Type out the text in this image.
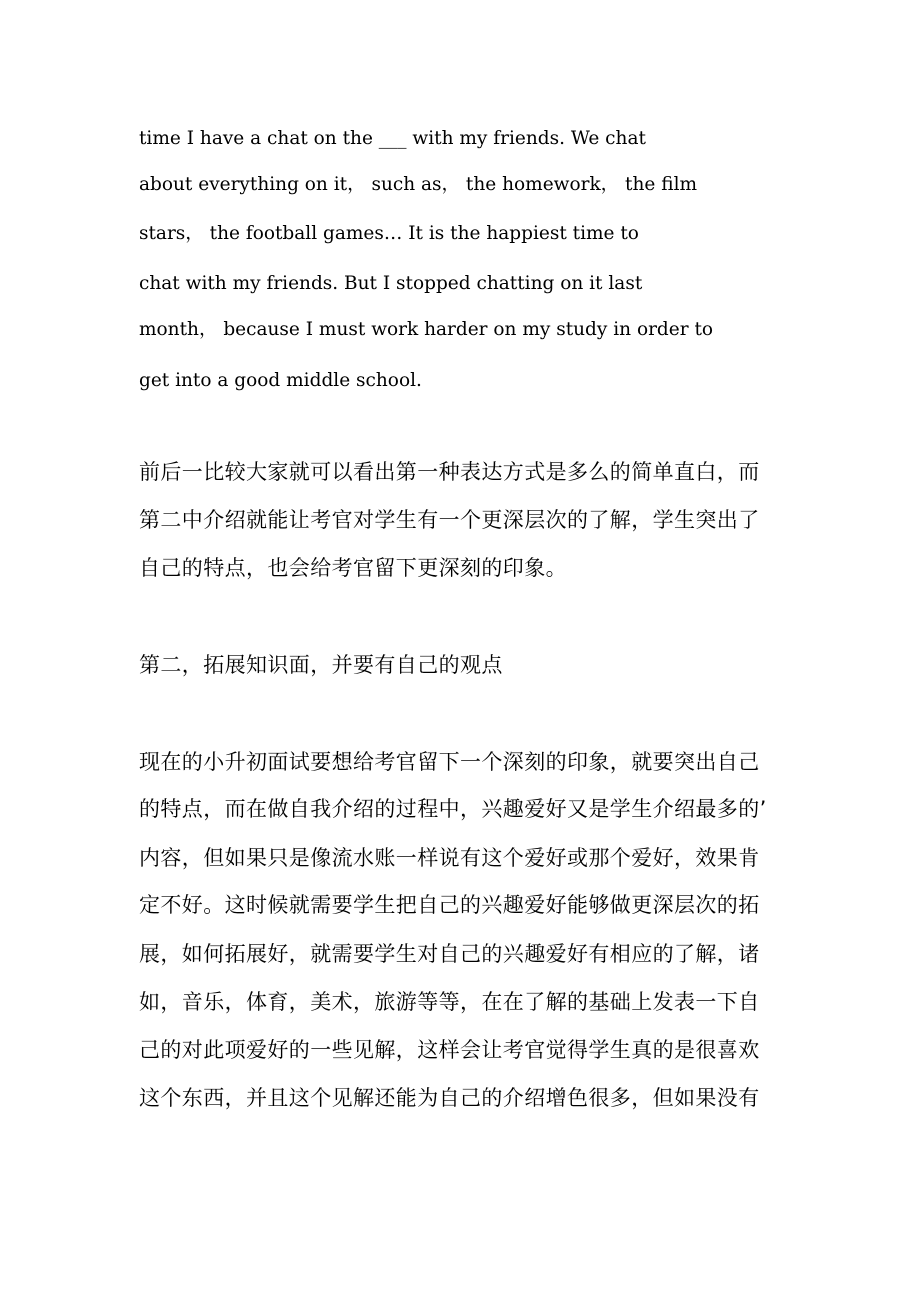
time I have a chat on the ___ with my friends. We chat
about everything on it， such as， the homework， the film
stars， the football games… It is the happiest time to
chat with my friends. But I stopped chatting on it last
month， because I must work harder on my study in order to
get into a good middle school.
前后一比较大家就可以看出第一种表达方式是多么的简单直白，而
第二中介绍就能让考官对学生有一个更深层次的了解，学生突出了
自己的特点，也会给考官留下更深刻的印象。
第二，拓展知识面，并要有自己的观点
现在的小升初面试要想给考官留下一个深刻的印象，就要突出自己
的特点，而在做自我介绍的过程中，兴趣爱好又是学生介绍最多的’
内容，但如果只是像流水账一样说有这个爱好或那个爱好，效果肯
定不好。这时候就需要学生把自己的兴趣爱好能够做更深层次的拓
展，如何拓展好，就需要学生对自己的兴趣爱好有相应的了解，诸
如，音乐，体育，美术，旅游等等，在在了解的基础上发表一下自
己的对此项爱好的一些见解，这样会让考官觉得学生真的是很喜欢
这个东西，并且这个见解还能为自己的介绍增色很多，但如果没有
